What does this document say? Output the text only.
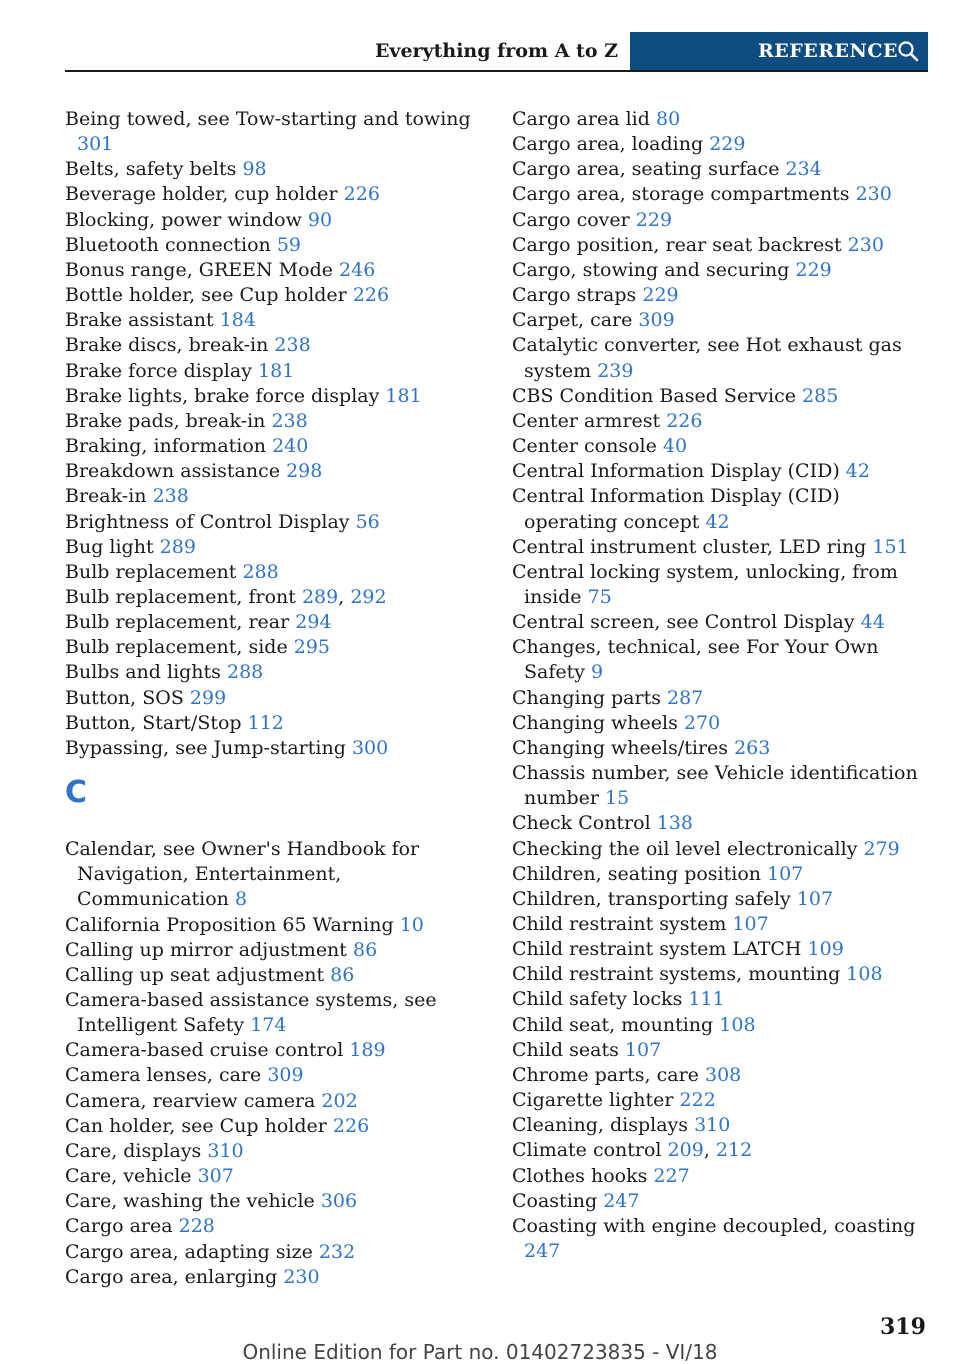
Everything from A to Z	REFERENCE
Being towed, see Tow-starting and towing 301
Belts, safety belts 98
Beverage holder, cup holder 226
Blocking, power window 90
Bluetooth connection 59
Bonus range, GREEN Mode 246
Bottle holder, see Cup holder 226
Brake assistant 184
Brake discs, break-in 238
Brake force display 181
Brake lights, brake force display 181
Brake pads, break-in 238
Braking, information 240
Breakdown assistance 298
Break-in 238
Brightness of Control Display 56
Bug light 289
Bulb replacement 288
Bulb replacement, front 289, 292
Bulb replacement, rear 294
Bulb replacement, side 295
Bulbs and lights 288
Button, SOS 299
Button, Start/Stop 112
Bypassing, see Jump-starting 300
C
Calendar, see Owner's Handbook for Navigation, Entertainment, Communication 8
California Proposition 65 Warning 10
Calling up mirror adjustment 86
Calling up seat adjustment 86
Camera-based assistance systems, see Intelligent Safety 174
Camera-based cruise control 189
Camera lenses, care 309
Camera, rearview camera 202
Can holder, see Cup holder 226
Care, displays 310
Care, vehicle 307
Care, washing the vehicle 306
Cargo area 228
Cargo area, adapting size 232
Cargo area, enlarging 230
Cargo area lid 80
Cargo area, loading 229
Cargo area, seating surface 234
Cargo area, storage compartments 230
Cargo cover 229
Cargo position, rear seat backrest 230
Cargo, stowing and securing 229
Cargo straps 229
Carpet, care 309
Catalytic converter, see Hot exhaust gas system 239
CBS Condition Based Service 285
Center armrest 226
Center console 40
Central Information Display (CID) 42
Central Information Display (CID) operating concept 42
Central instrument cluster, LED ring 151
Central locking system, unlocking, from inside 75
Central screen, see Control Display 44
Changes, technical, see For Your Own Safety 9
Changing parts 287
Changing wheels 270
Changing wheels/tires 263
Chassis number, see Vehicle identification number 15
Check Control 138
Checking the oil level electronically 279
Children, seating position 107
Children, transporting safely 107
Child restraint system 107
Child restraint system LATCH 109
Child restraint systems, mounting 108
Child safety locks 111
Child seat, mounting 108
Child seats 107
Chrome parts, care 308
Cigarette lighter 222
Cleaning, displays 310
Climate control 209, 212
Clothes hooks 227
Coasting 247
Coasting with engine decoupled, coasting 247
319
Online Edition for Part no. 01402723835 - VI/18
